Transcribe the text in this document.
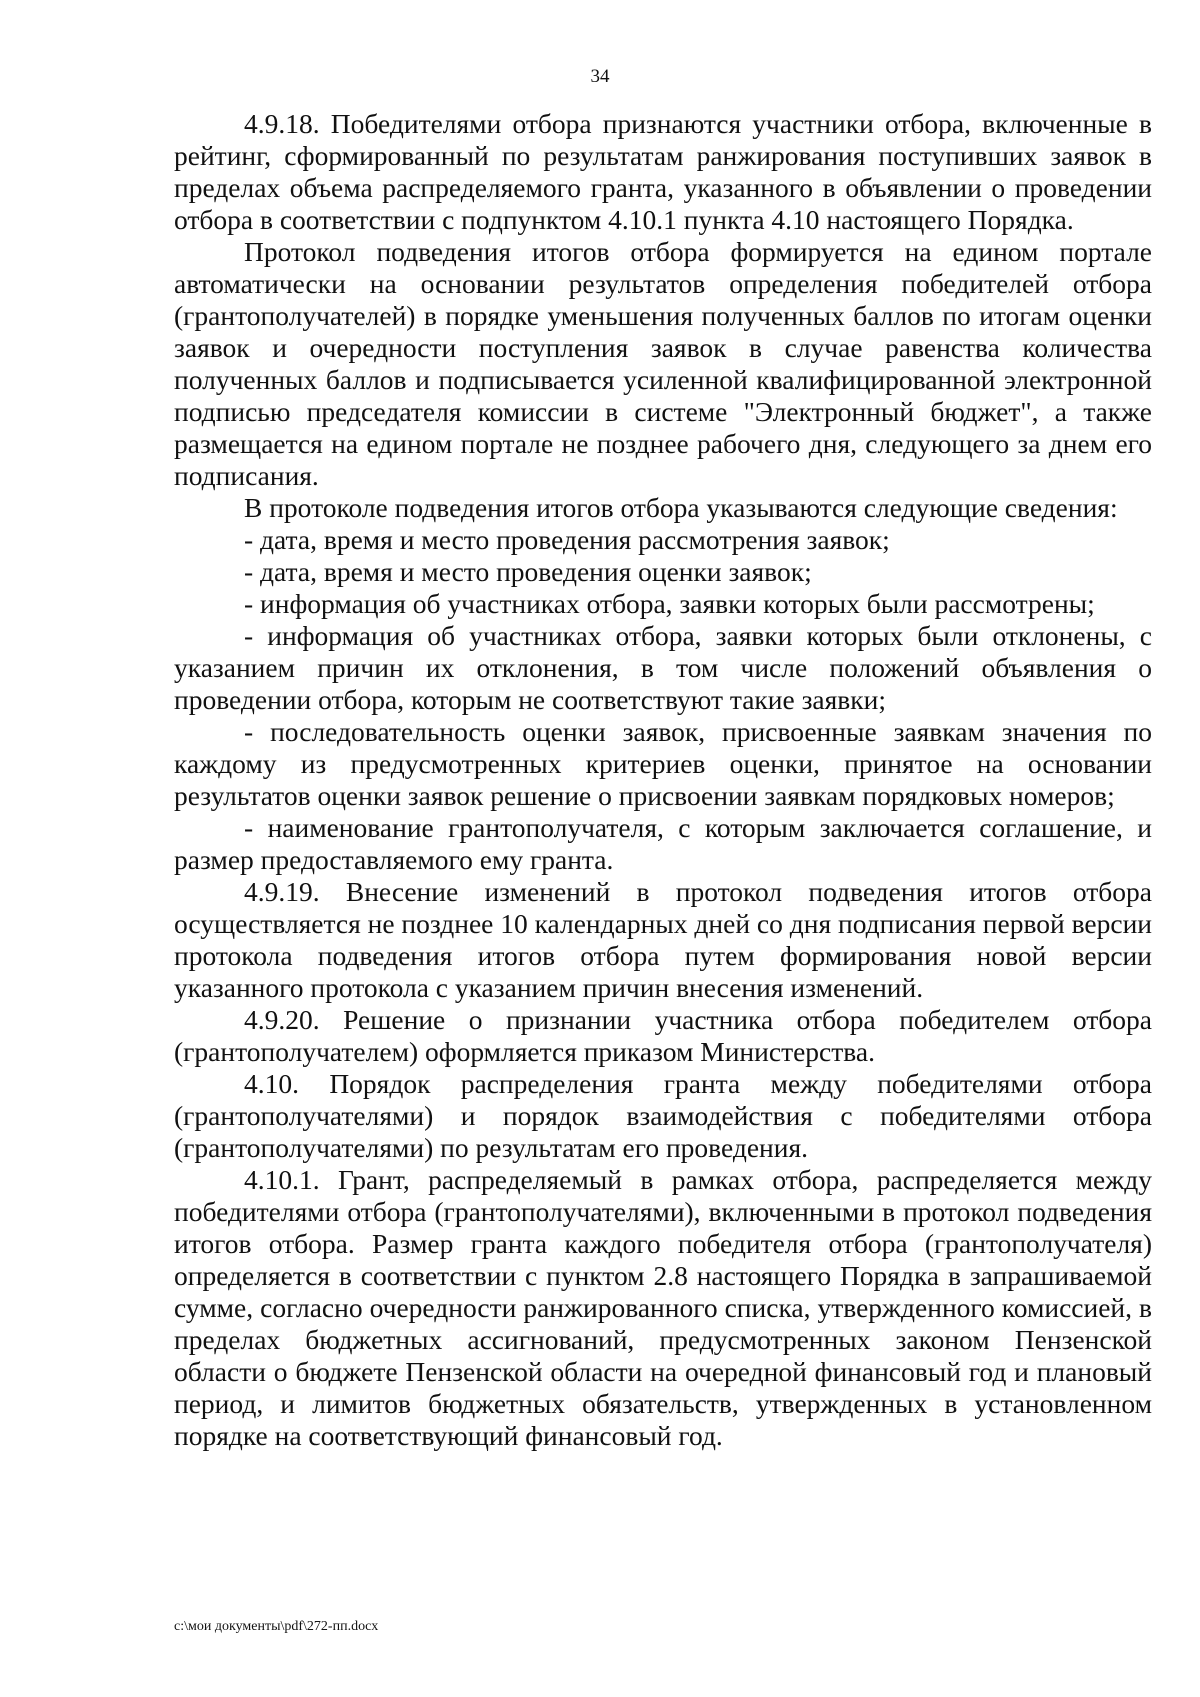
34

4.9.18. Победителями отбора признаются участники отбора, включенные в рейтинг, сформированный по результатам ранжирования поступивших заявок в пределах объема распределяемого гранта, указанного в объявлении о проведении отбора в соответствии с подпунктом 4.10.1 пункта 4.10 настоящего Порядка.

Протокол подведения итогов отбора формируется на едином портале автоматически на основании результатов определения победителей отбора (грантополучателей) в порядке уменьшения полученных баллов по итогам оценки заявок и очередности поступления заявок в случае равенства количества полученных баллов и подписывается усиленной квалифицированной электронной подписью председателя комиссии в системе "Электронный бюджет", а также размещается на едином портале не позднее рабочего дня, следующего за днем его подписания.

В протоколе подведения итогов отбора указываются следующие сведения:

- дата, время и место проведения рассмотрения заявок;

- дата, время и место проведения оценки заявок;

- информация об участниках отбора, заявки которых были рассмотрены;

- информация об участниках отбора, заявки которых были отклонены, с указанием причин их отклонения, в том числе положений объявления о проведении отбора, которым не соответствуют такие заявки;

- последовательность оценки заявок, присвоенные заявкам значения по каждому из предусмотренных критериев оценки, принятое на основании результатов оценки заявок решение о присвоении заявкам порядковых номеров;

- наименование грантополучателя, с которым заключается соглашение, и размер предоставляемого ему гранта.

4.9.19. Внесение изменений в протокол подведения итогов отбора осуществляется не позднее 10 календарных дней со дня подписания первой версии протокола подведения итогов отбора путем формирования новой версии указанного протокола с указанием причин внесения изменений.

4.9.20. Решение о признании участника отбора победителем отбора (грантополучателем) оформляется приказом Министерства.

4.10. Порядок распределения гранта между победителями отбора (грантополучателями) и порядок взаимодействия с победителями отбора (грантополучателями) по результатам его проведения.

4.10.1. Грант, распределяемый в рамках отбора, распределяется между победителями отбора (грантополучателями), включенными в протокол подведения итогов отбора. Размер гранта каждого победителя отбора (грантополучателя) определяется в соответствии с пунктом 2.8 настоящего Порядка в запрашиваемой сумме, согласно очередности ранжированного списка, утвержденного комиссией, в пределах бюджетных ассигнований, предусмотренных законом Пензенской области о бюджете Пензенской области на очередной финансовый год и плановый период, и лимитов бюджетных обязательств, утвержденных в установленном порядке на соответствующий финансовый год.

c:\мои документы\pdf\272-пп.docx
